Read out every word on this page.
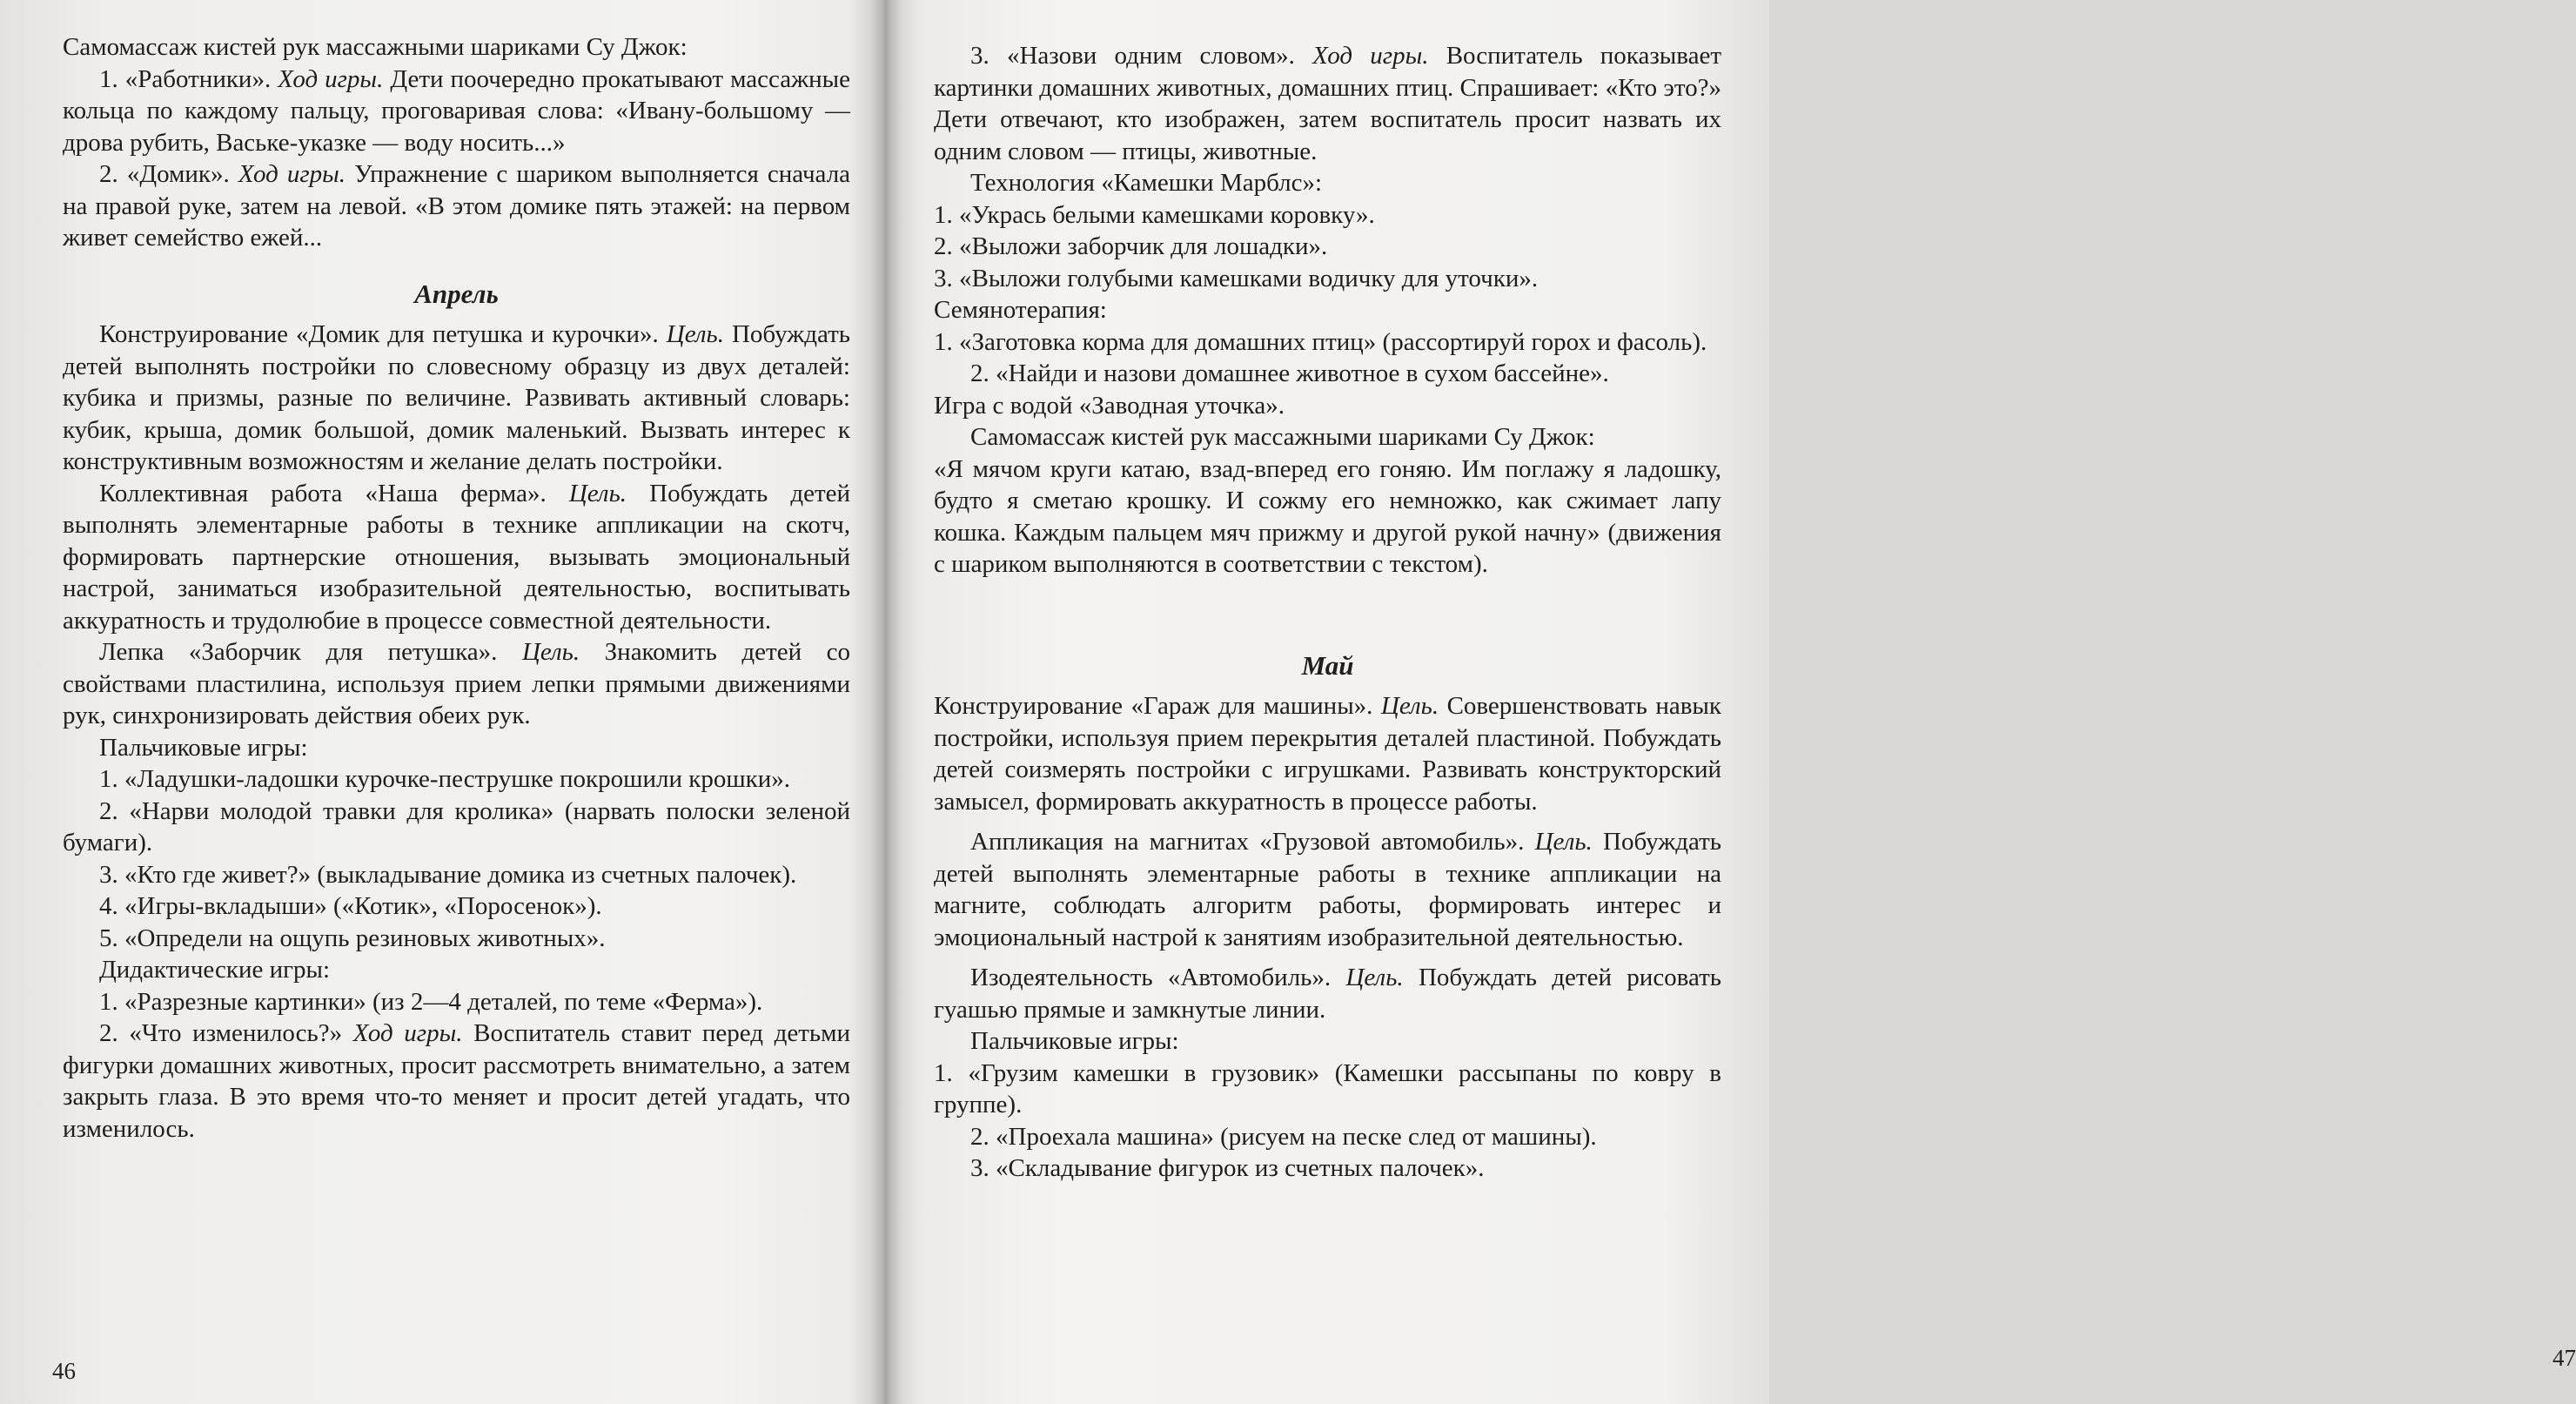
Самомассаж кистей рук массажными шариками Су Джок:

1. «Работники». Ход игры. Дети поочередно прокатывают массажные кольца по каждому пальцу, проговаривая слова: «Ивану-большому — дрова рубить, Ваське-указке — воду носить...»

2. «Домик». Ход игры. Упражнение с шариком выполняется сначала на правой руке, затем на левой. «В этом домике пять этажей: на первом живет семейство ежей...

Апрель

Конструирование «Домик для петушка и курочки». Цель. Побуждать детей выполнять постройки по словесному образцу из двух деталей: кубика и призмы, разные по величине. Развивать активный словарь: кубик, крыша, домик большой, домик маленький. Вызвать интерес к конструктивным возможностям и желание делать постройки.

Коллективная работа «Наша ферма». Цель. Побуждать детей выполнять элементарные работы в технике аппликации на скотч, формировать партнерские отношения, вызывать эмоциональный настрой, заниматься изобразительной деятельностью, воспитывать аккуратность и трудолюбие в процессе совместной деятельности.

Лепка «Заборчик для петушка». Цель. Знакомить детей со свойствами пластилина, используя прием лепки прямыми движениями рук, синхронизировать действия обеих рук.

Пальчиковые игры:

1. «Ладушки-ладошки курочке-пеструшке покрошили крошки».

2. «Нарви молодой травки для кролика» (нарвать полоски зеленой бумаги).

3. «Кто где живет?» (выкладывание домика из счетных палочек).

4. «Игры-вкладыши» («Котик», «Поросенок»).

5. «Определи на ощупь резиновых животных».

Дидактические игры:

1. «Разрезные картинки» (из 2—4 деталей, по теме «Ферма»).

2. «Что изменилось?» Ход игры. Воспитатель ставит перед детьми фигурки домашних животных, просит рассмотреть внимательно, а затем закрыть глаза. В это время что-то меняет и просит детей угадать, что изменилось.

46

3. «Назови одним словом». Ход игры. Воспитатель показывает картинки домашних животных, домашних птиц. Спрашивает: «Кто это?» Дети отвечают, кто изображен, затем воспитатель просит назвать их одним словом — птицы, животные.

Технология «Камешки Марблс»:

1. «Укрась белыми камешками коровку».

2. «Выложи заборчик для лошадки».

3. «Выложи голубыми камешками водичку для уточки».

Семянотерапия:

1. «Заготовка корма для домашних птиц» (рассортируй горох и фасоль).

2. «Найди и назови домашнее животное в сухом бассейне».

Игра с водой «Заводная уточка».

Самомассаж кистей рук массажными шариками Су Джок:

«Я мячом круги катаю, взад-вперед его гоняю. Им поглажу я ладошку, будто я сметаю крошку. И сожму его немножко, как сжимает лапу кошка. Каждым пальцем мяч прижму и другой рукой начну» (движения с шариком выполняются в соответствии с текстом).

Май

Конструирование «Гараж для машины». Цель. Совершенствовать навык постройки, используя прием перекрытия деталей пластиной. Побуждать детей соизмерять постройки с игрушками. Развивать конструкторский замысел, формировать аккуратность в процессе работы.

Аппликация на магнитах «Грузовой автомобиль». Цель. Побуждать детей выполнять элементарные работы в технике аппликации на магните, соблюдать алгоритм работы, формировать интерес и эмоциональный настрой к занятиям изобразительной деятельностью.

Изодеятельность «Автомобиль». Цель. Побуждать детей рисовать гуашью прямые и замкнутые линии.

Пальчиковые игры:

1. «Грузим камешки в грузовик» (Камешки рассыпаны по ковру в группе).

2. «Проехала машина» (рисуем на песке след от машины).

3. «Складывание фигурок из счетных палочек».

47
